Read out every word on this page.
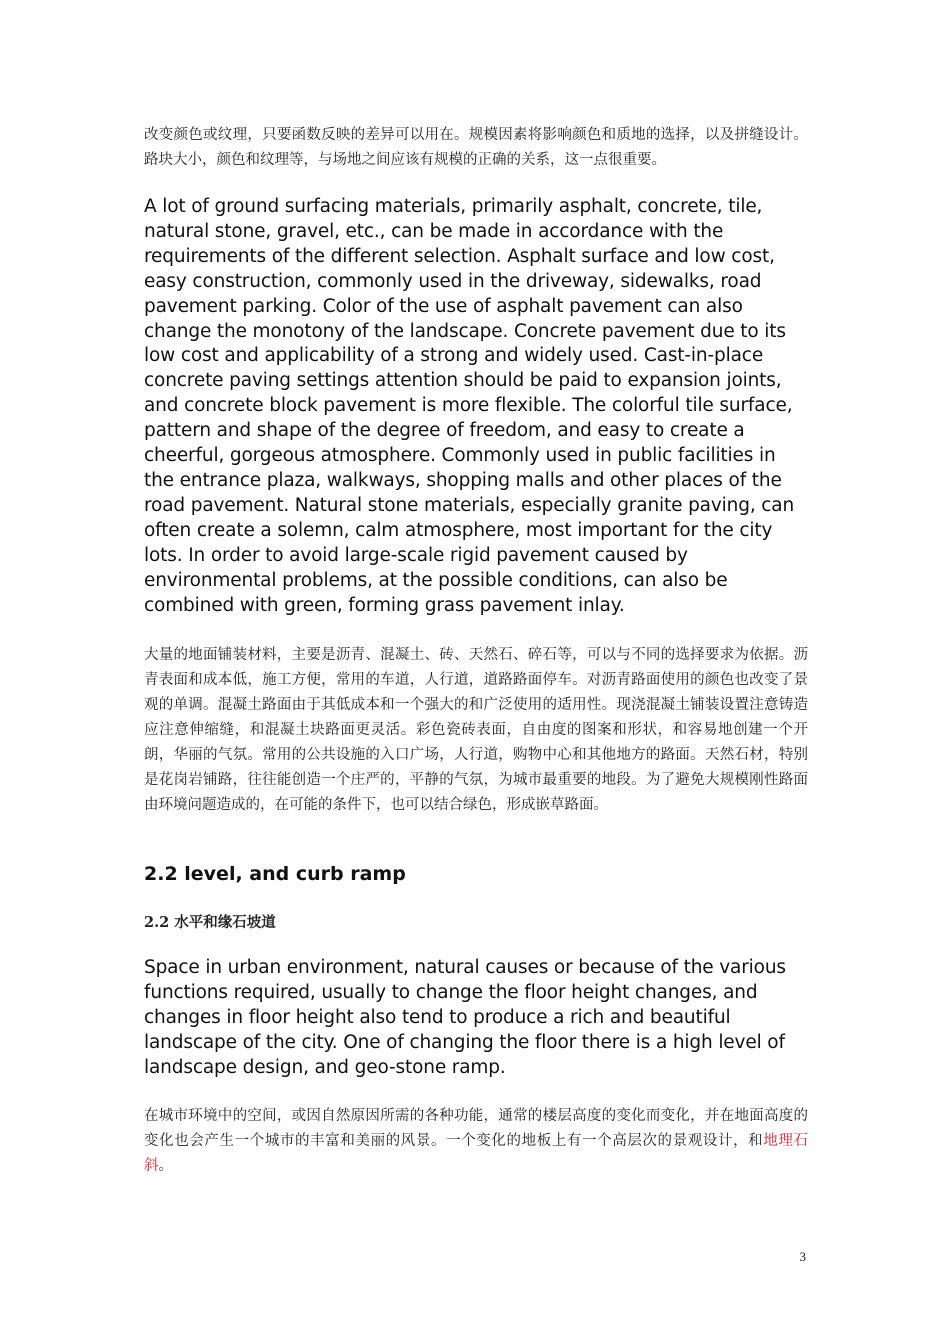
改变颜色或纹理，只要函数反映的差异可以用在。规模因素将影响颜色和质地的选择，以及拼缝设计。路块大小，颜色和纹理等，与场地之间应该有规模的正确的关系，这一点很重要。

A lot of ground surfacing materials, primarily asphalt, concrete, tile, natural stone, gravel, etc., can be made in accordance with the requirements of the different selection. Asphalt surface and low cost, easy construction, commonly used in the driveway, sidewalks, road pavement parking. Color of the use of asphalt pavement can also change the monotony of the landscape. Concrete pavement due to its low cost and applicability of a strong and widely used. Cast-in-place concrete paving settings attention should be paid to expansion joints, and concrete block pavement is more flexible. The colorful tile surface, pattern and shape of the degree of freedom, and easy to create a cheerful, gorgeous atmosphere. Commonly used in public facilities in the entrance plaza, walkways, shopping malls and other places of the road pavement. Natural stone materials, especially granite paving, can often create a solemn, calm atmosphere, most important for the city lots. In order to avoid large-scale rigid pavement caused by environmental problems, at the possible conditions, can also be combined with green, forming grass pavement inlay.

大量的地面铺装材料，主要是沥青、混凝土、砖、天然石、碎石等，可以与不同的选择要求为依据。沥青表面和成本低，施工方便，常用的车道，人行道，道路路面停车。对沥青路面使用的颜色也改变了景观的单调。混凝土路面由于其低成本和一个强大的和广泛使用的适用性。现浇混凝土铺装设置注意铸造应注意伸缩缝，和混凝土块路面更灵活。彩色瓷砖表面，自由度的图案和形状，和容易地创建一个开朗，华丽的气氛。常用的公共设施的入口广场，人行道，购物中心和其他地方的路面。天然石材，特别是花岗岩铺路，往往能创造一个庄严的，平静的气氛，为城市最重要的地段。为了避免大规模刚性路面由环境问题造成的，在可能的条件下，也可以结合绿色，形成嵌草路面。

2.2 level, and curb ramp
2.2 水平和缘石坡道

Space in urban environment, natural causes or because of the various functions required, usually to change the floor height changes, and changes in floor height also tend to produce a rich and beautiful landscape of the city. One of changing the floor there is a high level of landscape design, and geo-stone ramp.

在城市环境中的空间，或因自然原因所需的各种功能，通常的楼层高度的变化而变化，并在地面高度的变化也会产生一个城市的丰富和美丽的风景。一个变化的地板上有一个高层次的景观设计，和地理石斜。

3
